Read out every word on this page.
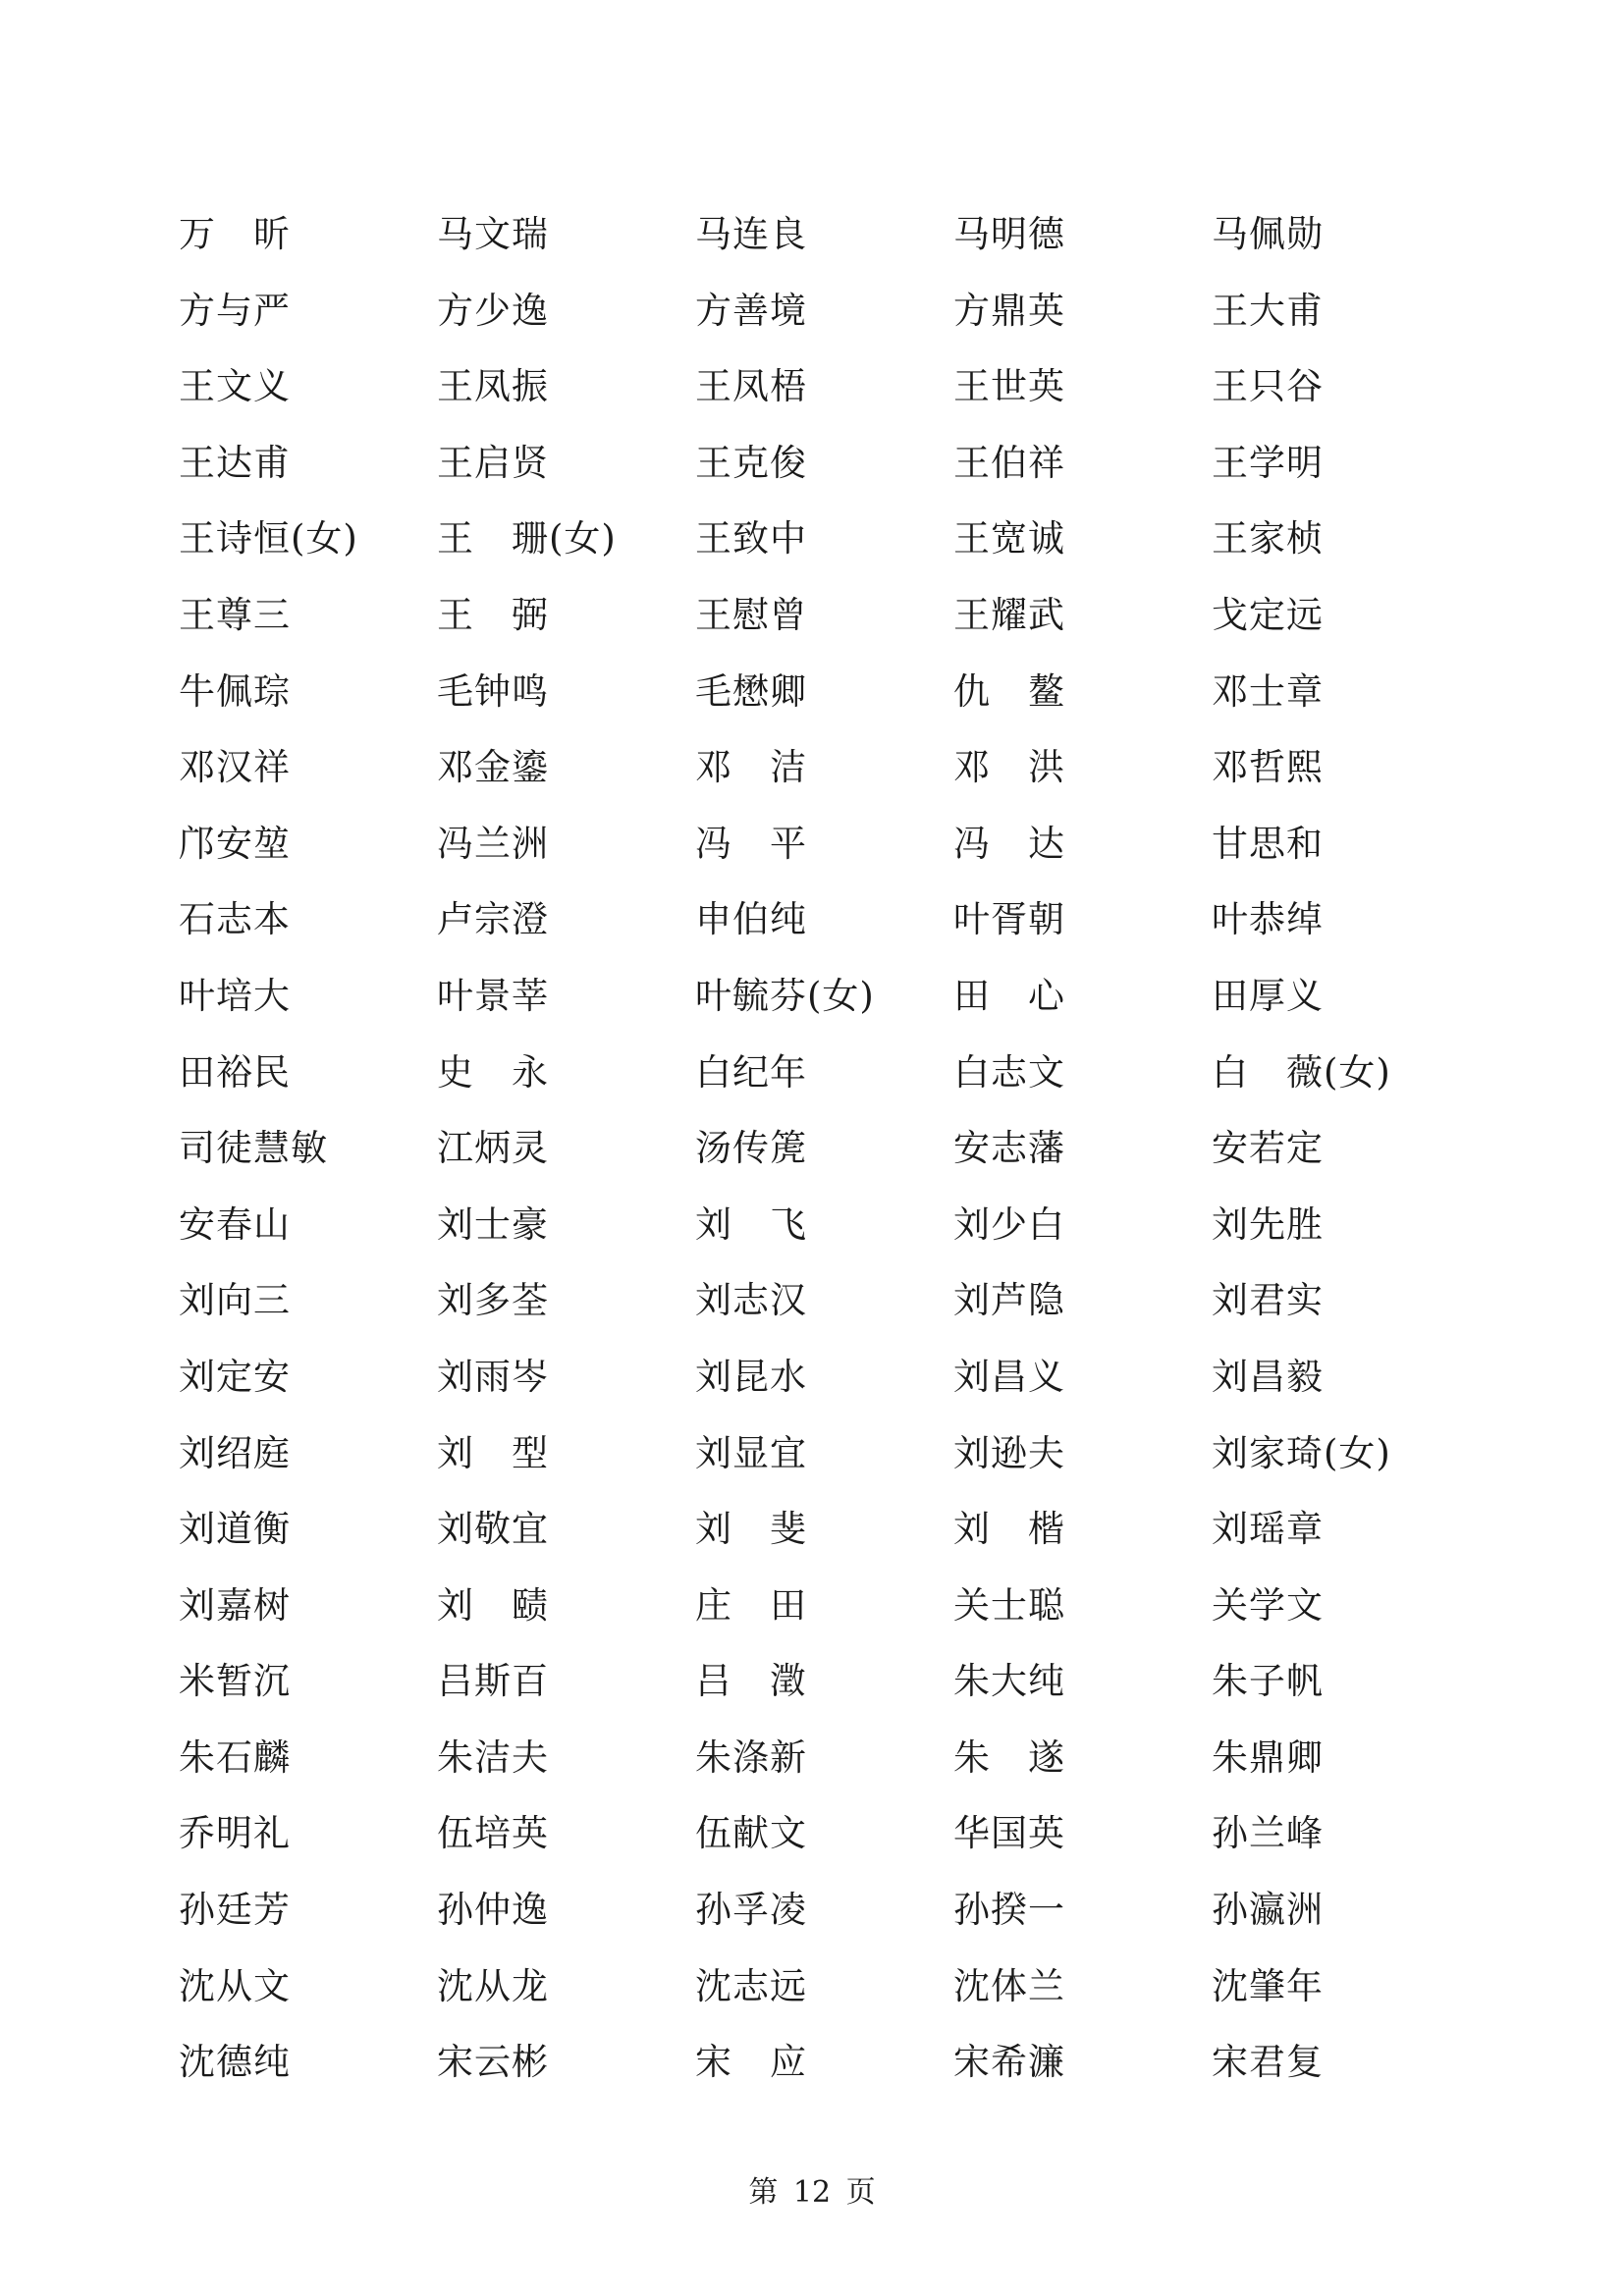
万　昕	马文瑞	马连良	马明德	马佩勋
方与严	方少逸	方善境	方鼎英	王大甫
王文义	王凤振	王凤梧	王世英	王只谷
王达甫	王启贤	王克俊	王伯祥	王学明
王诗恒(女)	王　珊(女)	王致中	王宽诚	王家桢
王尊三	王　弼	王慰曾	王耀武	戈定远
牛佩琮	毛钟鸣	毛懋卿	仇　鳌	邓士章
邓汉祥	邓金鎏	邓　洁	邓　洪	邓哲熙
邝安堃	冯兰洲	冯　平	冯　达	甘思和
石志本	卢宗澄	申伯纯	叶胥朝	叶恭绰
叶培大	叶景莘	叶毓芬(女)	田　心	田厚义
田裕民	史　永	白纪年	白志文	白　薇(女)
司徒慧敏	江炳灵	汤传箎	安志藩	安若定
安春山	刘士豪	刘　飞	刘少白	刘先胜
刘向三	刘多荃	刘志汉	刘芦隐	刘君实
刘定安	刘雨岑	刘昆水	刘昌义	刘昌毅
刘绍庭	刘　型	刘显宜	刘逊夫	刘家琦(女)
刘道衡	刘敬宜	刘　斐	刘　楷	刘瑶章
刘嘉树	刘　赜	庄　田	关士聪	关学文
米暂沉	吕斯百	吕　澂	朱大纯	朱子帆
朱石麟	朱洁夫	朱涤新	朱　遂	朱鼎卿
乔明礼	伍培英	伍献文	华国英	孙兰峰
孙廷芳	孙仲逸	孙孚凌	孙揆一	孙瀛洲
沈从文	沈从龙	沈志远	沈体兰	沈肇年
沈德纯	宋云彬	宋　应	宋希濂	宋君复
第 12 页
